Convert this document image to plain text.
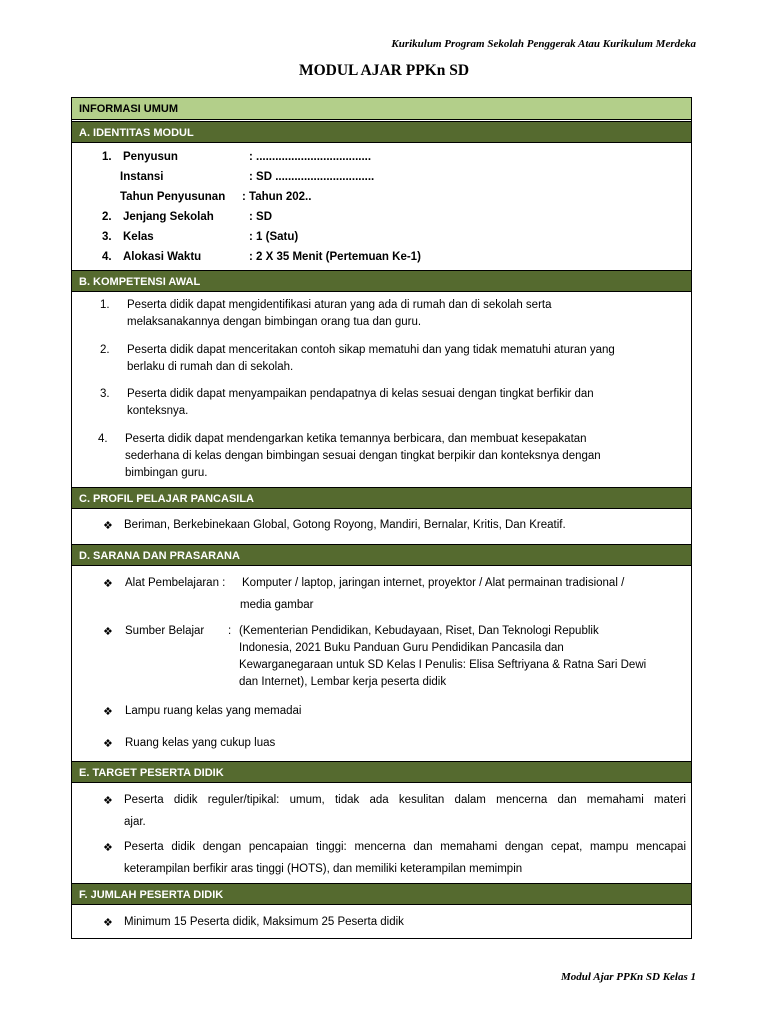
Kurikulum Program Sekolah Penggerak Atau Kurikulum Merdeka
MODUL AJAR PPKn SD
INFORMASI UMUM
A. IDENTITAS MODUL
1. Penyusun	: ....................................
Instansi	: SD ...............................
Tahun Penyusunan : Tahun 202..
2. Jenjang Sekolah	: SD
3. Kelas	: 1 (Satu)
4. Alokasi Waktu	: 2 X 35 Menit (Pertemuan Ke-1)
B. KOMPETENSI AWAL
1. Peserta didik dapat mengidentifikasi aturan yang ada di rumah dan di sekolah serta
melaksanakannya dengan bimbingan orang tua dan guru.
2. Peserta didik dapat menceritakan contoh sikap mematuhi dan yang tidak mematuhi aturan yang
berlaku di rumah dan di sekolah.
3. Peserta didik dapat menyampaikan pendapatnya di kelas sesuai dengan tingkat berfikir dan
konteksnya.
4. Peserta didik dapat mendengarkan ketika temannya berbicara, dan membuat kesepakatan
sederhana di kelas dengan bimbingan sesuai dengan tingkat berpikir dan konteksnya dengan
bimbingan guru.
C. PROFIL PELAJAR PANCASILA
❖ Beriman, Berkebinekaan Global, Gotong Royong, Mandiri, Bernalar, Kritis, Dan Kreatif.
D. SARANA DAN PRASARANA
❖ Alat Pembelajaran : Komputer / laptop, jaringan internet, proyektor / Alat permainan tradisional /
media gambar
❖ Sumber Belajar : (Kementerian Pendidikan, Kebudayaan, Riset, Dan Teknologi Republik
Indonesia, 2021 Buku Panduan Guru Pendidikan Pancasila dan
Kewarganegaraan untuk SD Kelas I Penulis: Elisa Seftriyana & Ratna Sari Dewi
dan Internet), Lembar kerja peserta didik
❖ Lampu ruang kelas yang memadai
❖ Ruang kelas yang cukup luas
E. TARGET PESERTA DIDIK
❖ Peserta didik reguler/tipikal: umum, tidak ada kesulitan dalam mencerna dan memahami materi
ajar.
❖ Peserta didik dengan pencapaian tinggi: mencerna dan memahami dengan cepat, mampu mencapai
keterampilan berfikir aras tinggi (HOTS), dan memiliki keterampilan memimpin
F. JUMLAH PESERTA DIDIK
❖ Minimum 15 Peserta didik, Maksimum 25 Peserta didik
Modul Ajar PPKn SD Kelas 1
